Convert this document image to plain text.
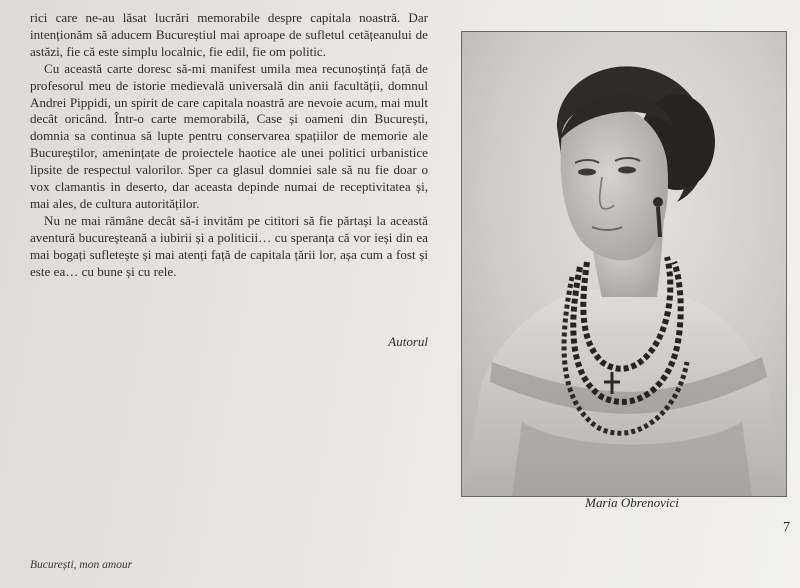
rici care ne-au lăsat lucrări memorabile despre capitala noastră. Dar intenționăm să aducem Bucureștiul mai aproape de sufletul cetățeanului de astăzi, fie că este simplu localnic, fie edil, fie om politic.

Cu această carte doresc să-mi manifest umila mea recunoștință față de profesorul meu de istorie medievală universală din anii facultății, domnul Andrei Pippidi, un spirit de care capitala noastră are nevoie acum, mai mult decât oricând. Într-o carte memorabilă, Case și oameni din București, domnia sa continua să lupte pentru conservarea spațiilor de memorie ale Bucureștilor, amenințate de proiectele haotice ale unei politici urbanistice lipsite de respectul valorilor. Sper ca glasul domniei sale să nu fie doar o vox clamantis in deserto, dar aceasta depinde numai de receptivitatea și, mai ales, de cultura autorităților.

Nu ne mai rămâne decât să-i invităm pe cititori să fie părtași la această aventură bucureșteană a iubirii și a politicii… cu speranța că vor ieși din ea mai bogați sufletește și mai atenți față de capitala țării lor, așa cum a fost și este ea… cu bune și cu rele.

Autorul
Maria Obrenovici
7
București, mon amour
